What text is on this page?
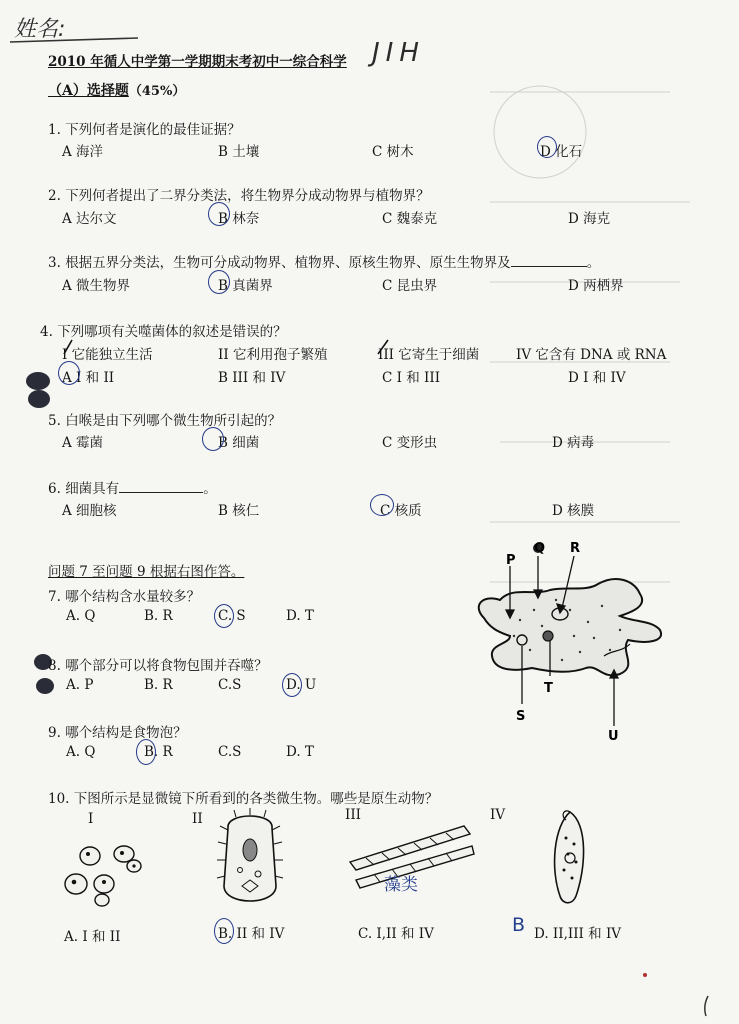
姓名:
JIH
2010 年循人中学第一学期期末考初中一综合科学
（A）选择题（45%）
1. 下列何者是演化的最佳证据？
A 海洋	B 土壤	C 树木	D 化石
2. 下列何者提出了二界分类法，将生物界分成动物界与植物界？
A 达尔文	B 林奈	C 魏泰克	D 海克
3. 根据五界分类法，生物可分成动物界、植物界、原核生物界、原生生物界及	。
A 微生物界	B 真菌界	C 昆虫界	D 两栖界
4. 下列哪项有关噬菌体的叙述是错误的？
I 它能独立生活	II 它利用孢子繁殖	III 它寄生于细菌	IV 它含有 DNA 或 RNA
A I 和 II	B III 和 IV	C I 和 III	D I 和 IV
5. 白喉是由下列哪个微生物所引起的？
A 霉菌	B 细菌	C 变形虫	D 病毒
6. 细菌具有	。
A 细胞核	B 核仁	C 核质	D 核膜
问题 7 至问题 9 根据右图作答。
7. 哪个结构含水量较多？
A. Q	B. R	C. S	D. T
8. 哪个部分可以将食物包围并吞噬？
A. P	B. R	C.S	D. U
9. 哪个结构是食物泡？
A. Q	B. R	C.S	D. T
P
Q R
S
T
U
10. 下图所示是显微镜下所看到的各类微生物。哪些是原生动物？
I	II	III	IV
藻类
A. I 和 II	B. II 和 IV	C. I,II 和 IV	B D. II,III 和 IV
